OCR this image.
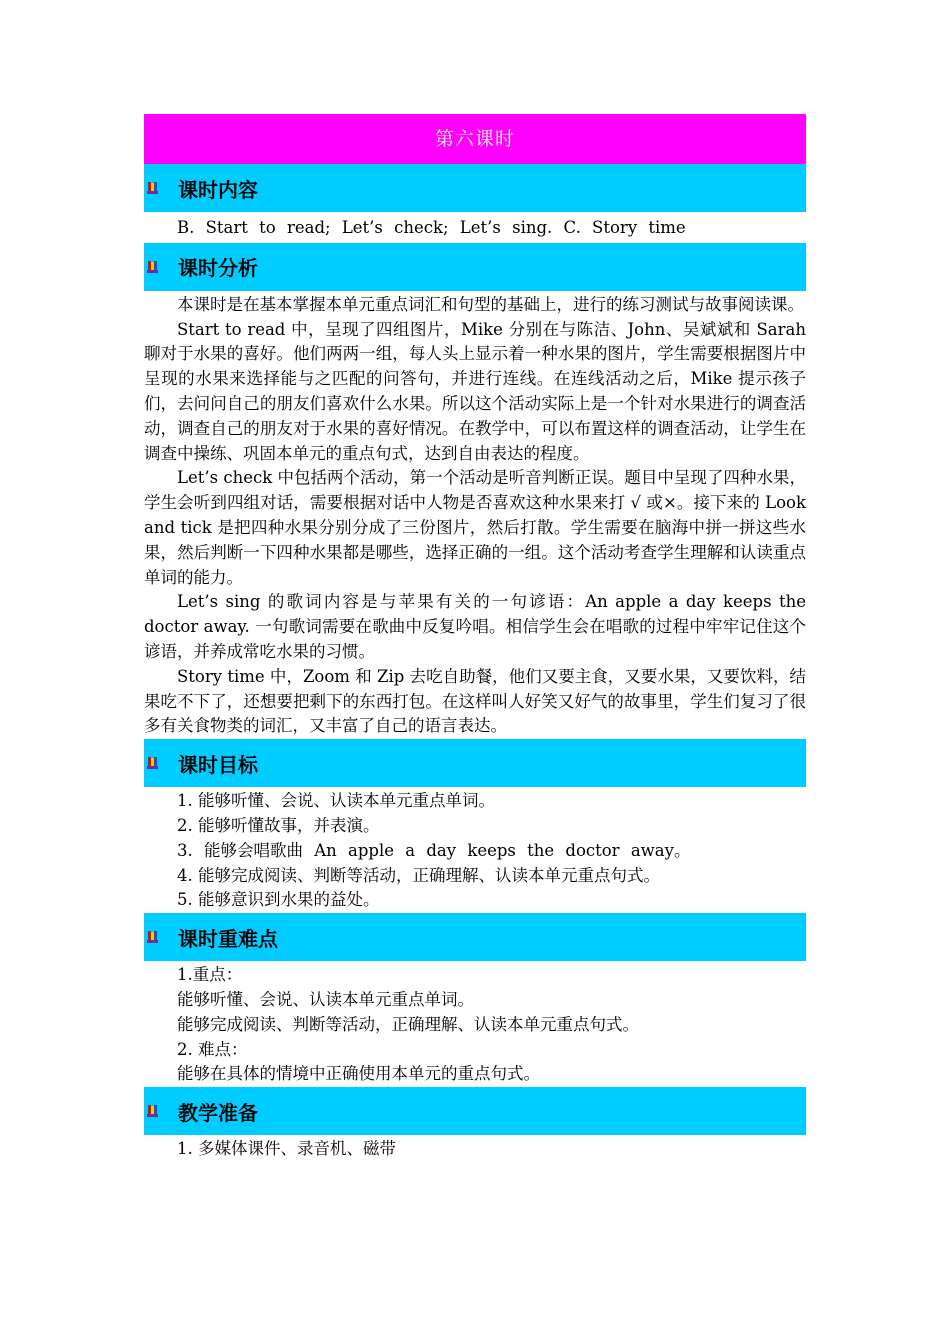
第六课时
课时内容

B. Start to read; Let’s check; Let’s sing. C. Story time

课时分析

本课时是在基本掌握本单元重点词汇和句型的基础上，进行的练习测试与故事阅读课。

Start to read 中，呈现了四组图片，Mike 分别在与陈洁、John、吴斌斌和 Sarah 聊对于水果的喜好。他们两两一组，每人头上显示着一种水果的图片，学生需要根据图片中呈现的水果来选择能与之匹配的问答句，并进行连线。在连线活动之后，Mike 提示孩子们，去问问自己的朋友们喜欢什么水果。所以这个活动实际上是一个针对水果进行的调查活动，调查自己的朋友对于水果的喜好情况。在教学中，可以布置这样的调查活动，让学生在调查中操练、巩固本单元的重点句式，达到自由表达的程度。

Let’s check 中包括两个活动，第一个活动是听音判断正误。题目中呈现了四种水果，学生会听到四组对话，需要根据对话中人物是否喜欢这种水果来打 √ 或×。接下来的 Look and tick 是把四种水果分别分成了三份图片，然后打散。学生需要在脑海中拼一拼这些水果，然后判断一下四种水果都是哪些，选择正确的一组。这个活动考查学生理解和认读重点单词的能力。

Let’s sing 的歌词内容是与苹果有关的一句谚语：An apple a day keeps the doctor away. 一句歌词需要在歌曲中反复吟唱。相信学生会在唱歌的过程中牢牢记住这个谚语，并养成常吃水果的习惯。

Story time 中，Zoom 和 Zip 去吃自助餐，他们又要主食，又要水果，又要饮料，结果吃不下了，还想要把剩下的东西打包。在这样叫人好笑又好气的故事里，学生们复习了很多有关食物类的词汇，又丰富了自己的语言表达。

课时目标

1. 能够听懂、会说、认读本单元重点单词。

2. 能够听懂故事，并表演。

3. 能够会唱歌曲 An apple a day keeps the doctor away。

4. 能够完成阅读、判断等活动，正确理解、认读本单元重点句式。

5. 能够意识到水果的益处。

课时重难点

1.重点：

能够听懂、会说、认读本单元重点单词。

能够完成阅读、判断等活动，正确理解、认读本单元重点句式。

2. 难点：

能够在具体的情境中正确使用本单元的重点句式。

教学准备

1. 多媒体课件、录音机、磁带
